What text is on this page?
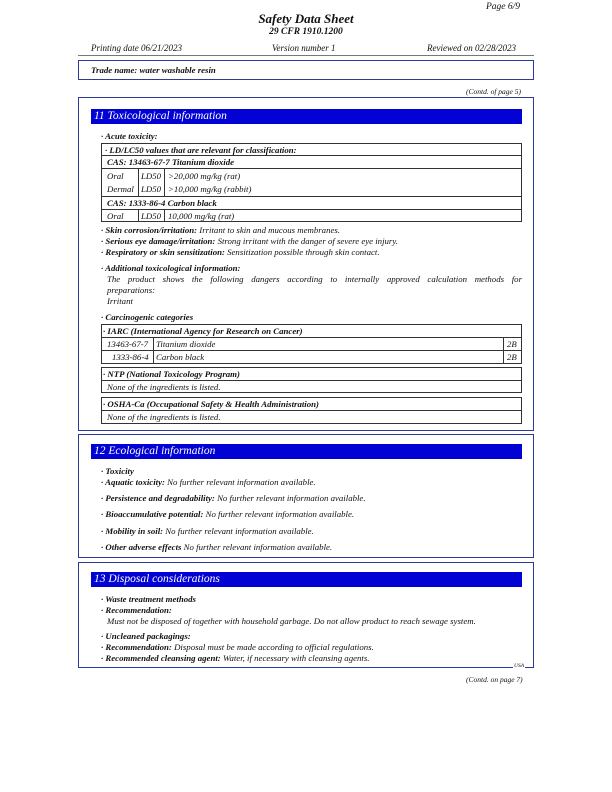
Page 6/9
Safety Data Sheet
29 CFR 1910.1200
Printing date 06/21/2023	Version number 1	Reviewed on 02/28/2023
Trade name: water washable resin
(Contd. of page 5)
11 Toxicological information
· Acute toxicity:
· LD/LC50 values that are relevant for classification:
CAS: 13463-67-7 Titanium dioxide
Oral LD50 >20,000 mg/kg (rat)
Dermal LD50 >10,000 mg/kg (rabbit)
CAS: 1333-86-4 Carbon black
Oral LD50 10,000 mg/kg (rat)
· Skin corrosion/irritation: Irritant to skin and mucous membranes.
· Serious eye damage/irritation: Strong irritant with the danger of severe eye injury.
· Respiratory or skin sensitization: Sensitization possible through skin contact.
· Additional toxicological information:
The product shows the following dangers according to internally approved calculation methods for
preparations:
Irritant
· Carcinogenic categories
· IARC (International Agency for Research on Cancer)
13463-67-7 Titanium dioxide	2B
1333-86-4 Carbon black	2B
· NTP (National Toxicology Program)
None of the ingredients is listed.
· OSHA-Ca (Occupational Safety & Health Administration)
None of the ingredients is listed.
12 Ecological information
· Toxicity
· Aquatic toxicity: No further relevant information available.
· Persistence and degradability: No further relevant information available.
· Bioaccumulative potential: No further relevant information available.
· Mobility in soil: No further relevant information available.
· Other adverse effects No further relevant information available.
13 Disposal considerations
· Waste treatment methods
· Recommendation:
Must not be disposed of together with household garbage. Do not allow product to reach sewage system.
· Uncleaned packagings:
· Recommendation: Disposal must be made according to official regulations.
· Recommended cleansing agent: Water, if necessary with cleansing agents.
USA
(Contd. on page 7)
